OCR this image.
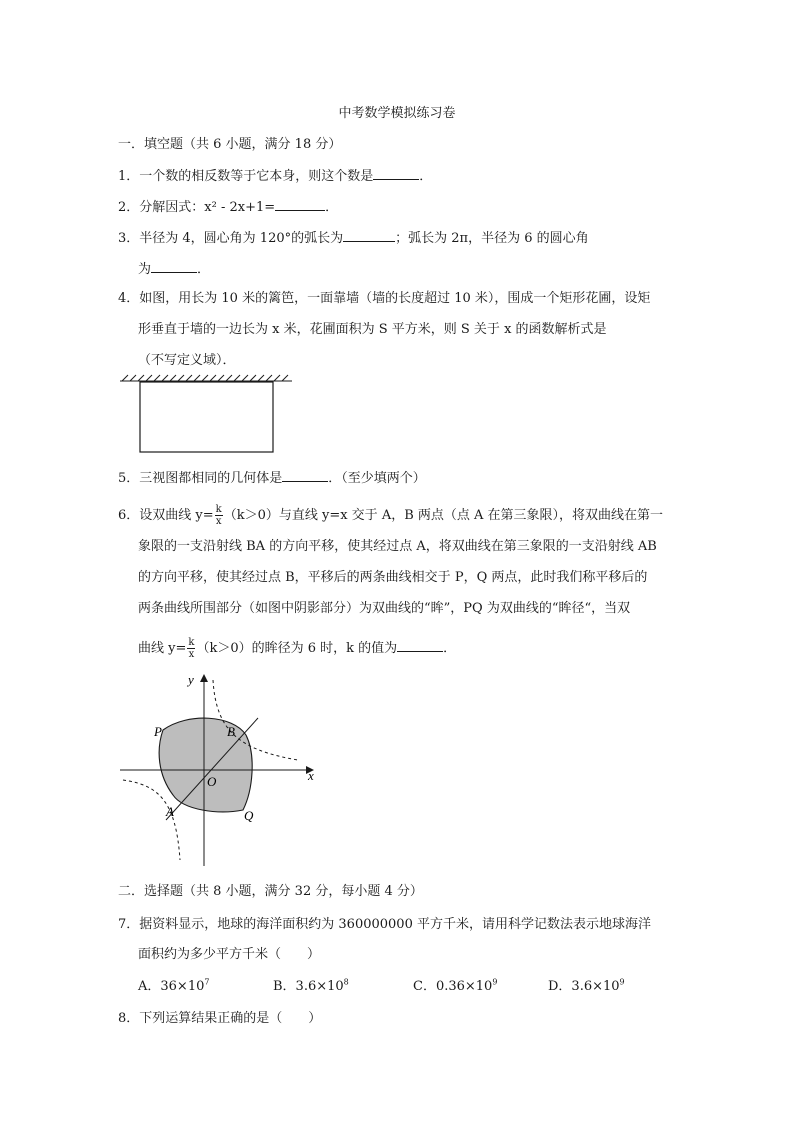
中考数学模拟练习卷
一．填空题（共 6 小题，满分 18 分）
1．一个数的相反数等于它本身，则这个数是	．
2．分解因式：x² - 2x+1=	．
3．半径为 4，圆心角为 120°的弧长为	；弧长为 2π，半径为 6 的圆心角
为	．
4．如图，用长为 10 米的篱笆，一面靠墙（墙的长度超过 10 米），围成一个矩形花圃，设矩
形垂直于墙的一边长为 x 米，花圃面积为 S 平方米，则 S 关于 x 的函数解析式是
（不写定义域）．
5．三视图都相同的几何体是	．（至少填两个）
6．设双曲线 $y= \frac{k}{x} (k>0)$与直线 y=x 交于 A，B 两点（点 A 在第三象限），将双曲线在第一
象限的一支沿射线 BA 的方向平移，使其经过点 A，将双曲线在第三象限的一支沿射线 AB
的方向平移，使其经过点 B，平移后的两条曲线相交于 P，Q 两点，此时我们称平移后的
两条曲线所围部分（如图中阴影部分）为双曲线的“眸”，PQ 为双曲线的“眸径“，当双
曲线 $y= \frac{k}{x} (k>0)$的眸径为 6 时，k 的值为	．
y
x
O
P	B
A	Q
二．选择题（共 8 小题，满分 32 分，每小题 4 分）
7．据资料显示，地球的海洋面积约为 360000000 平方千米，请用科学记数法表示地球海洋
面积约为多少平方千米（　　）
A．$36\times 10^7$	B．$3.6\times 10^8$	C．$0.36\times 10^9$	D．$3.6\times 10^9$
8．下列运算结果正确的是（　　）
